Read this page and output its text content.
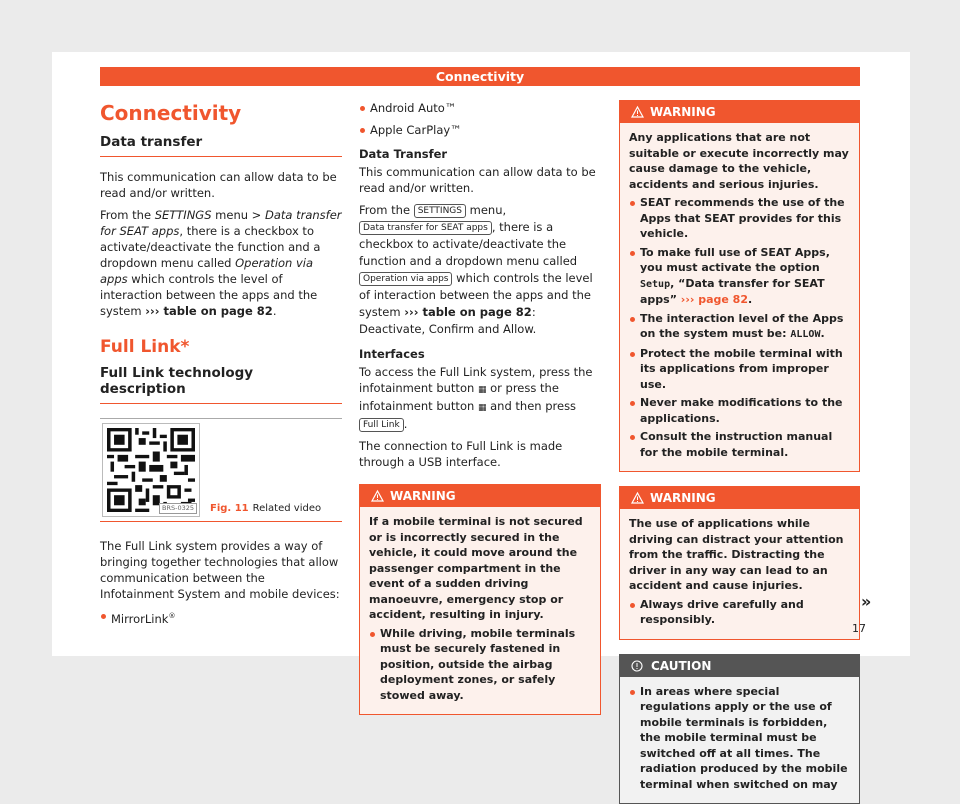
Connectivity
Connectivity
Data transfer

This communication can allow data to be read and/or written.

From the SETTINGS menu > Data transfer for SEAT apps, there is a checkbox to activate/deactivate the function and a dropdown menu called Operation via apps which controls the level of interaction between the apps and the system ››› table on page 82.

Full Link*
Full Link technology description
BRS-0325	Fig. 11 Related video

The Full Link system provides a way of bringing together technologies that allow communication between the Infotainment System and mobile devices:

MirrorLink®

Android Auto™

Apple CarPlay™

Data Transfer

This communication can allow data to be read and/or written.

From the SETTINGS menu,
Data transfer for SEAT apps , there is a checkbox to activate/deactivate the function and a dropdown menu called Operation via apps which controls the level of interaction between the apps and the system ››› table on page 82: Deactivate, Confirm and Allow.

Interfaces

To access the Full Link system, press the infotainment button ▦ or press the infotainment button ▦ and then press Full Link .

The connection to Full Link is made through a USB interface.

WARNING

If a mobile terminal is not secured or is incorrectly secured in the vehicle, it could move around the passenger compartment in the event of a sudden driving manoeuvre, emergency stop or accident, resulting in injury.

While driving, mobile terminals must be securely fastened in position, outside the airbag deployment zones, or safely stowed away.

WARNING

Any applications that are not suitable or execute incorrectly may cause damage to the vehicle, accidents and serious injuries.

SEAT recommends the use of the Apps that SEAT provides for this vehicle.

To make full use of SEAT Apps, you must activate the option Setup, “Data transfer for SEAT apps” ››› page 82.

The interaction level of the Apps on the system must be: ALLOW.

Protect the mobile terminal with its applications from improper use.

Never make modifications to the applications.

Consult the instruction manual for the mobile terminal.

WARNING

The use of applications while driving can distract your attention from the traffic. Distracting the driver in any way can lead to an accident and cause injuries.

Always drive carefully and responsibly.

CAUTION

In areas where special regulations apply or the use of mobile terminals is forbidden, the mobile terminal must be switched off at all times. The radiation produced by the mobile terminal when switched on may

»
17
